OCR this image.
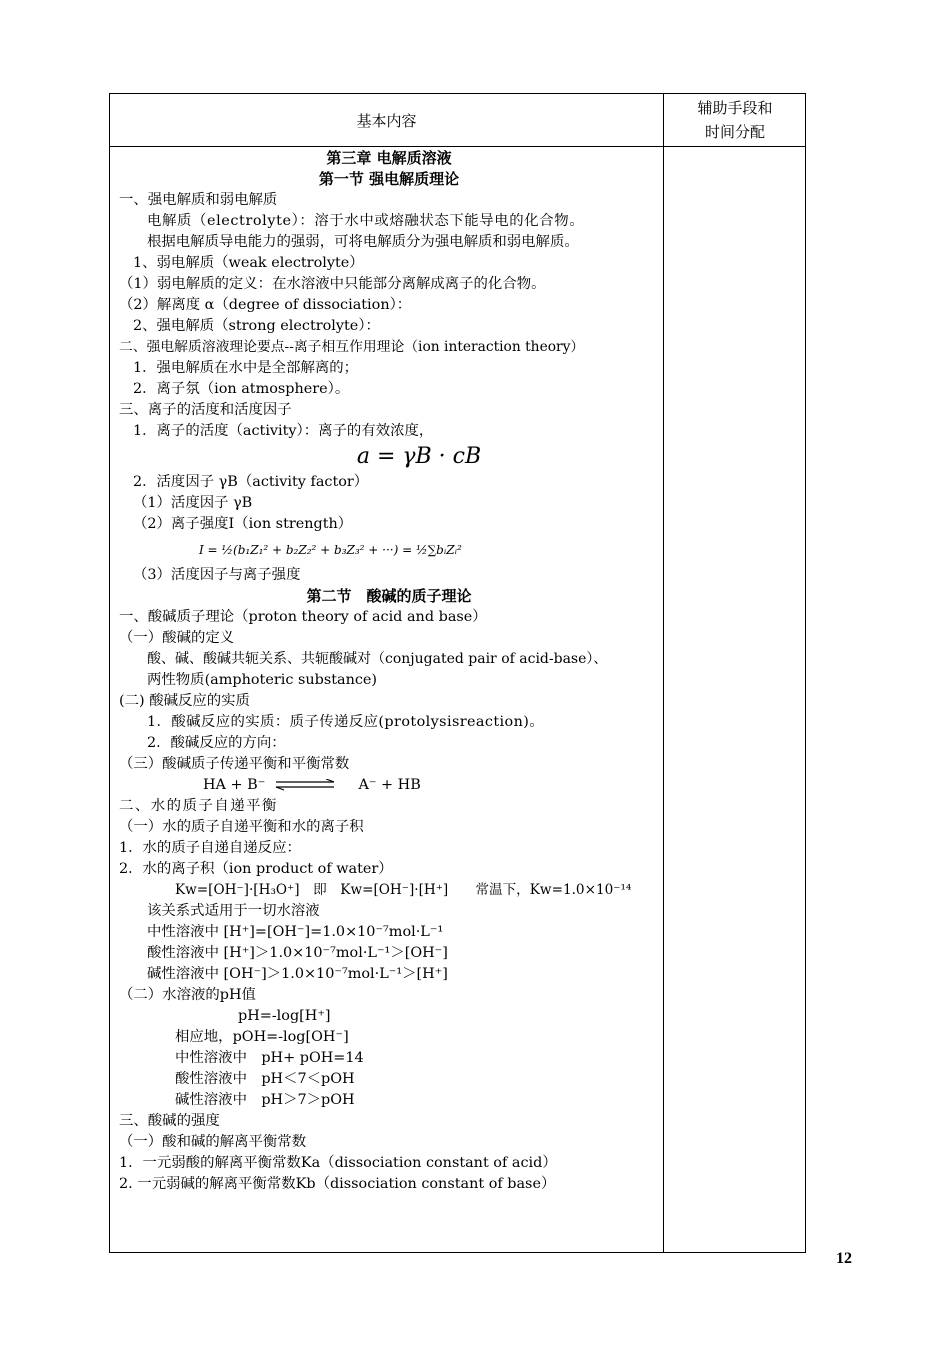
基本内容
辅助手段和
时间分配
第三章 电解质溶液
第一节 强电解质理论
一、强电解质和弱电解质
电解质（electrolyte）：溶于水中或熔融状态下能导电的化合物。
根据电解质导电能力的强弱，可将电解质分为强电解质和弱电解质。
1、弱电解质（weak electrolyte）
（1）弱电解质的定义：在水溶液中只能部分离解成离子的化合物。
（2）解离度 α（degree of dissociation）：
2、强电解质（strong electrolyte）：
二、强电解质溶液理论要点--离子相互作用理论（ion interaction theory）
1．强电解质在水中是全部解离的；
2．离子氛（ion atmosphere）。
三、离子的活度和活度因子
1．离子的活度（activity）：离子的有效浓度，
a = γB · cB
2．活度因子 γB（activity factor）
（1）活度因子 γB
（2）离子强度I（ion strength）
I = ½(b₁Z₁² + b₂Z₂² + b₃Z₃² + ···) = ½∑bᵢZᵢ²
（3）活度因子与离子强度
第二节　酸碱的质子理论
一、酸碱质子理论（proton theory of acid and base）
（一）酸碱的定义
酸、碱、酸碱共轭关系、共轭酸碱对（conjugated pair of acid-base）、
两性物质(amphoteric substance)
(二) 酸碱反应的实质
1．酸碱反应的实质：质子传递反应(protolysisreaction)。
2．酸碱反应的方向：
（三）酸碱质子传递平衡和平衡常数
HA + B⁻	A⁻ + HB
二、水的质子自递平衡
（一）水的质子自递平衡和水的离子积
1．水的质子自递自递反应：
2．水的离子积（ion product of water）
Kw=[OH⁻]·[H₃O⁺]　即　Kw=[OH⁻]·[H⁺]　　常温下，Kw=1.0×10⁻¹⁴
该关系式适用于一切水溶液
中性溶液中 [H⁺]=[OH⁻]=1.0×10⁻⁷mol·L⁻¹
酸性溶液中 [H⁺]＞1.0×10⁻⁷mol·L⁻¹＞[OH⁻]
碱性溶液中 [OH⁻]＞1.0×10⁻⁷mol·L⁻¹＞[H⁺]
（二）水溶液的pH值
pH=-log[H⁺]
相应地，pOH=-log[OH⁻]
中性溶液中　pH+ pOH=14
酸性溶液中　pH＜7＜pOH
碱性溶液中　pH＞7＞pOH
三、酸碱的强度
（一）酸和碱的解离平衡常数
1．一元弱酸的解离平衡常数Ka（dissociation constant of acid）
2. 一元弱碱的解离平衡常数Kb（dissociation constant of base）
12
